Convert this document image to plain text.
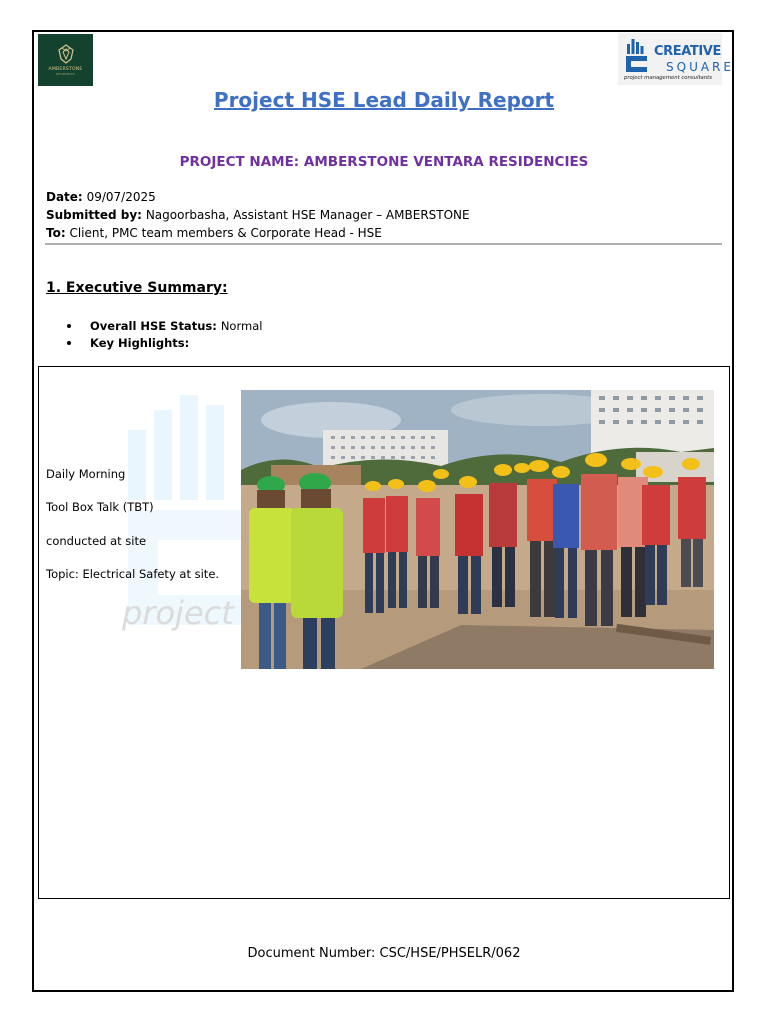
AMBERSTONE
RESIDENCES
CREATIVE
SQUARE
project management consultants
Project HSE Lead Daily Report
PROJECT NAME: AMBERSTONE VENTARA RESIDENCIES
Date: 09/07/2025
Submitted by: Nagoorbasha, Assistant HSE Manager – AMBERSTONE
To: Client, PMC team members & Corporate Head - HSE
1. Executive Summary:
Overall HSE Status: Normal
Key Highlights:
project
Daily Morning
Tool Box Talk (TBT)
conducted at site
Topic: Electrical Safety at site.
Document Number: CSC/HSE/PHSELR/062
